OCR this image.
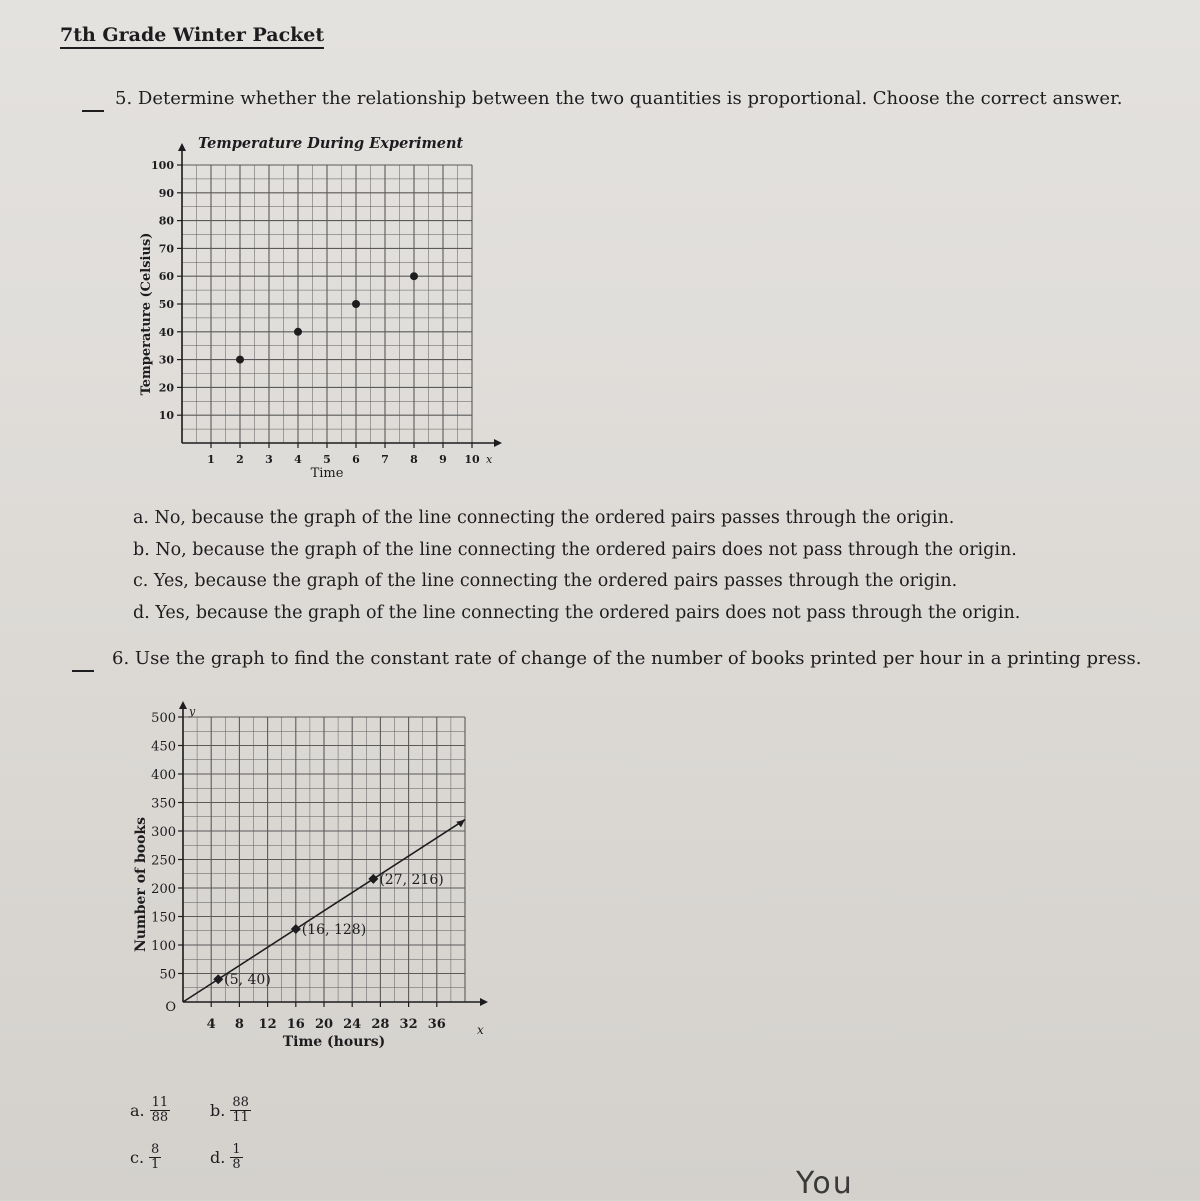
7th Grade Winter Packet
5. Determine whether the relationship between the two quantities is proportional. Choose the correct answer.
Temperature During Experiment
10
20
30
40
50
60
70
80
90
100
1 2 3 4 5 6 7 8 9 10 x
Time
Temperature (Celsius)
a. No, because the graph of the line connecting the ordered pairs passes through the origin.
b. No, because the graph of the line connecting the ordered pairs does not pass through the origin.
c. Yes, because the graph of the line connecting the ordered pairs passes through the origin.
d. Yes, because the graph of the line connecting the ordered pairs does not pass through the origin.
6. Use the graph to find the constant rate of change of the number of books printed per hour in a printing press.
y
O
50
100
150
200
250
300
350
400
450
500
4 8 12 16 20 24 28 32 36	x
Time (hours)
Number of books
(5, 40)
(16, 128)
(27, 216)
a. $\frac{11}{88} b$. $\frac{88}{11}$
c. $\frac{8}{1}$	d. $\frac{1}{8}$
You
